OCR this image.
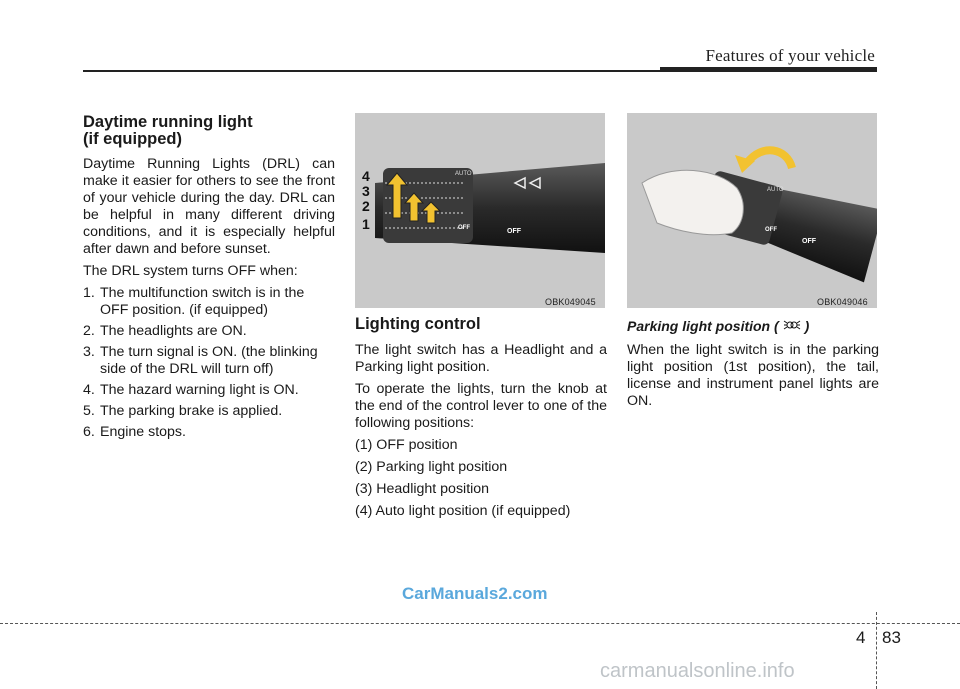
Features of your vehicle
Daytime running light
(if equipped)

Daytime Running Lights (DRL) can make it easier for others to see the front of your vehicle during the day. DRL can be helpful in many different driving conditions, and it is especially helpful after dawn and before sunset.

The DRL system turns OFF when:

1. The multifunction switch is in the OFF position. (if equipped)
2. The headlights are ON.
3. The turn signal is ON. (the blinking side of the DRL will turn off)
4. The hazard warning light is ON.
5. The parking brake is applied.
6. Engine stops.
4
3
2
1
AUTO
OFF	OFF
OBK049045
Lighting control

The light switch has a Headlight and a Parking light position.

To operate the lights, turn the knob at the end of the control lever to one of the following positions:

(1) OFF position
(2) Parking light position
(3) Headlight position
(4) Auto light position (if equipped)
AUTO
OFF
OFF
OBK049046
Parking light position ( )

When the light switch is in the parking light position (1st position), the tail, license and instrument panel lights are ON.

CarManuals2.com
carmanualsonline.info
4 83
